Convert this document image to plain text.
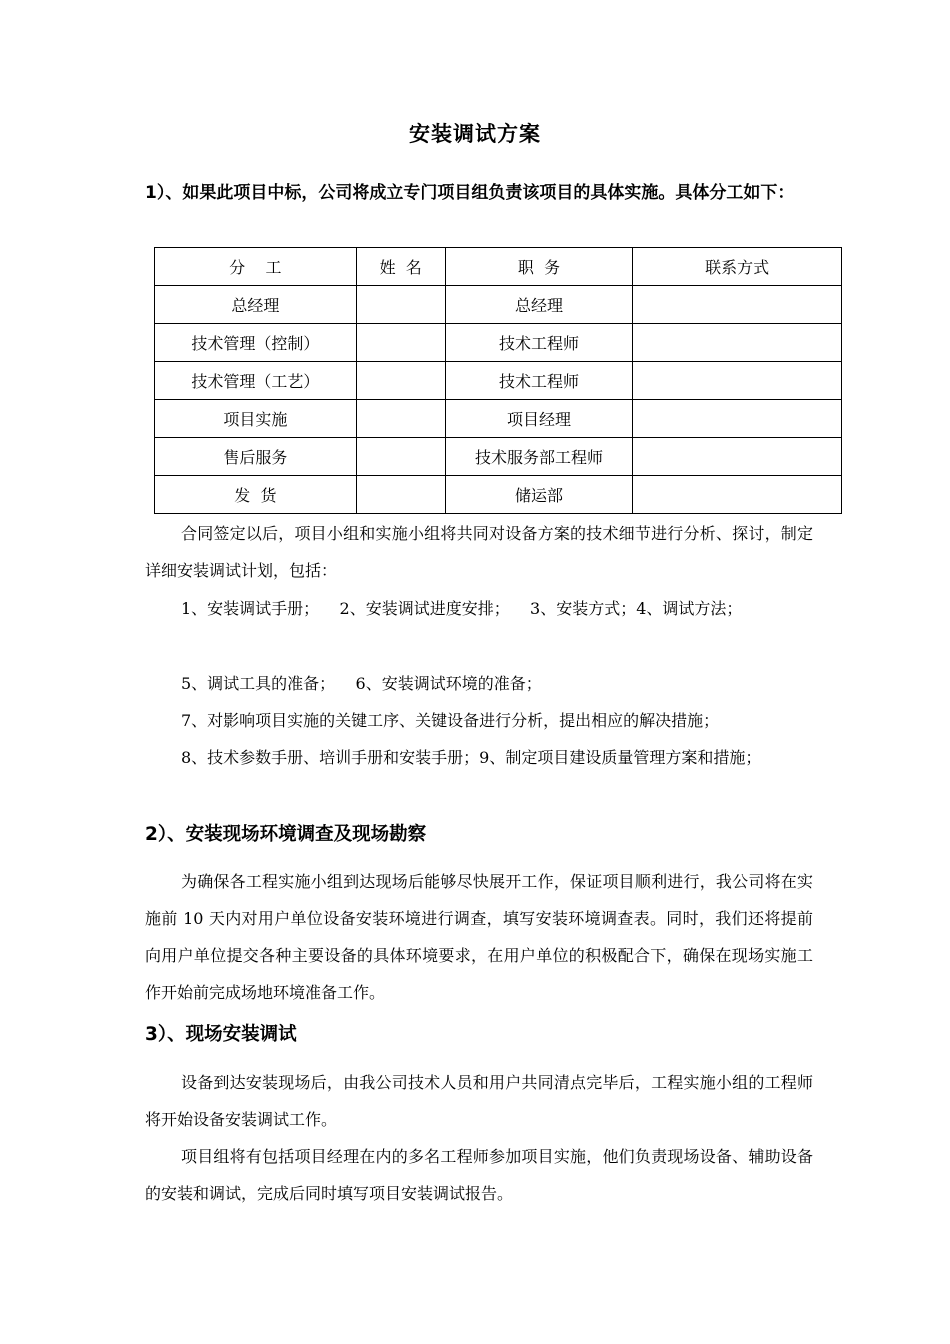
安装调试方案
1）、如果此项目中标，公司将成立专门项目组负责该项目的具体实施。具体分工如下：
分    工	姓  名	职  务	联系方式
总经理		总经理	
技术管理（控制）		技术工程师	
技术管理（工艺）		技术工程师	
项目实施		项目经理	
售后服务		技术服务部工程师	
发  货		储运部	
合同签定以后，项目小组和实施小组将共同对设备方案的技术细节进行分析、探讨，制定详细安装调试计划，包括：
1、安装调试手册；    2、安装调试进度安排；    3、安装方式；4、调试方法；
5、调试工具的准备；    6、安装调试环境的准备；
7、对影响项目实施的关键工序、关键设备进行分析，提出相应的解决措施；
8、技术参数手册、培训手册和安装手册；9、制定项目建设质量管理方案和措施；
2）、安装现场环境调查及现场勘察
为确保各工程实施小组到达现场后能够尽快展开工作，保证项目顺利进行，我公司将在实施前 10 天内对用户单位设备安装环境进行调查，填写安装环境调查表。同时，我们还将提前向用户单位提交各种主要设备的具体环境要求，在用户单位的积极配合下，确保在现场实施工作开始前完成场地环境准备工作。
3）、现场安装调试
设备到达安装现场后，由我公司技术人员和用户共同清点完毕后，工程实施小组的工程师将开始设备安装调试工作。
项目组将有包括项目经理在内的多名工程师参加项目实施，他们负责现场设备、辅助设备的安装和调试，完成后同时填写项目安装调试报告。
